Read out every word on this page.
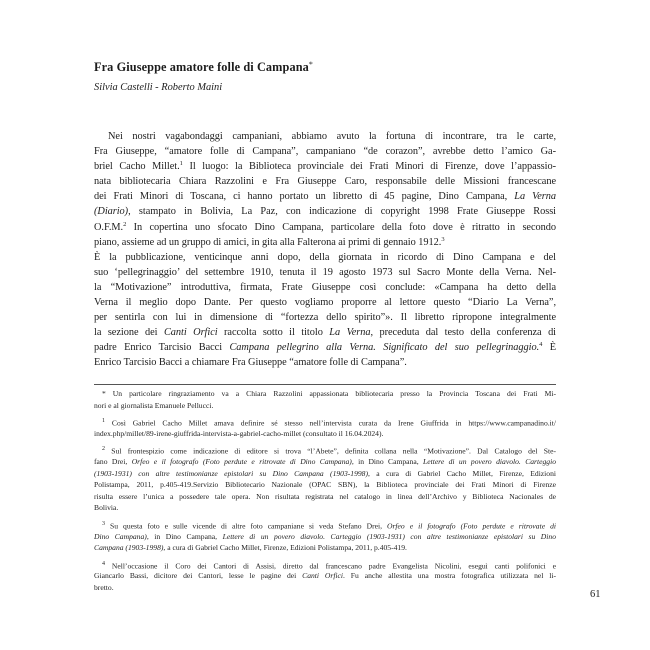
Fra Giuseppe amatore folle di Campana*
Silvia Castelli - Roberto Maini
Nei nostri vagabondaggi campaniani, abbiamo avuto la fortuna di incontrare, tra le carte,
Fra Giuseppe, “amatore folle di Campana”, campaniano “de corazon”, avrebbe detto l’amico Ga-
briel Cacho Millet.$^1$ Il luogo: la Biblioteca provinciale dei Frati Minori di Firenze, dove l’appassio-
nata bibliotecaria Chiara Razzolini e Fra Giuseppe Caro, responsabile delle Missioni francescane
dei Frati Minori di Toscana, ci hanno portato un libretto di 45 pagine, Dino Campana, La Verna
(Diario), stampato in Bolivia, La Paz, con indicazione di copyright 1998 Frate Giuseppe Rossi
O.F.M.$^2$ In copertina uno sfocato Dino Campana, particolare della foto dove è ritratto in secondo
piano, assieme ad un gruppo di amici, in gita alla Falterona ai primi di gennaio 1912.$^3$
È la pubblicazione, venticinque anni dopo, della giornata in ricordo di Dino Campana e del
suo ‘pellegrinaggio’ del settembre 1910, tenuta il 19 agosto 1973 sul Sacro Monte della Verna. Nel-
la “Motivazione” introduttiva, firmata, Frate Giuseppe così conclude: «Campana ha detto della
Verna il meglio dopo Dante. Per questo vogliamo proporre al lettore questo “Diario La Verna”,
per sentirla con lui in dimensione di “fortezza dello spirito”». Il libretto ripropone integralmente
la sezione dei Canti Orfici raccolta sotto il titolo La Verna, preceduta dal testo della conferenza di
padre Enrico Tarcisio Bacci Campana pellegrino alla Verna. Significato del suo pellegrinaggio.$^4$ È
Enrico Tarcisio Bacci a chiamare Fra Giuseppe “amatore folle di Campana”.
* Un particolare ringraziamento va a Chiara Razzolini appassionata bibliotecaria presso la Provincia Toscana dei Frati Mi-
nori e al giornalista Emanuele Pellucci.
$^1$ Così Gabriel Cacho Millet amava definire sé stesso nell’intervista curata da Irene Giuffrida in https://www.campanadino.it/
index.php/millet/89-irene-giuffrida-intervista-a-gabriel-cacho-millet (consultato il 16.04.2024).
$^2$ Sul frontespizio come indicazione di editore si trova “l’Abete”, definita collana nella “Motivazione”. Dal Catalogo del Ste-
fano Drei, Orfeo e il fotografo (Foto perdute e ritrovate di Dino Campana), in Dino Campana, Lettere di un povero diavolo. Carteggio
(1903-1931) con altre testimonianze epistolari su Dino Campana (1903-1998), a cura di Gabriel Cacho Millet, Firenze, Edizioni
Polistampa, 2011, p.405-419.Servizio Bibliotecario Nazionale (OPAC SBN), la Biblioteca provinciale dei Frati Minori di Firenze
risulta essere l’unica a possedere tale opera. Non risultata registrata nel catalogo in linea dell’Archivo y Biblioteca Nacionales de
Bolivia.
$^3$ Su questa foto e sulle vicende di altre foto campaniane si veda Stefano Drei, Orfeo e il fotografo (Foto perdute e ritrovate di
Dino Campana), in Dino Campana, Lettere di un povero diavolo. Carteggio (1903-1931) con altre testimonianze epistolari su Dino
Campana (1903-1998), a cura di Gabriel Cacho Millet, Firenze, Edizioni Polistampa, 2011, p.405-419.
$^4$ Nell’occasione il Coro dei Cantori di Assisi, diretto dal francescano padre Evangelista Nicolini, eseguì canti polifonici e
Giancarlo Bassi, dicitore dei Cantori, lesse le pagine dei Canti Orfici. Fu anche allestita una mostra fotografica utilizzata nel li-
bretto.
61
